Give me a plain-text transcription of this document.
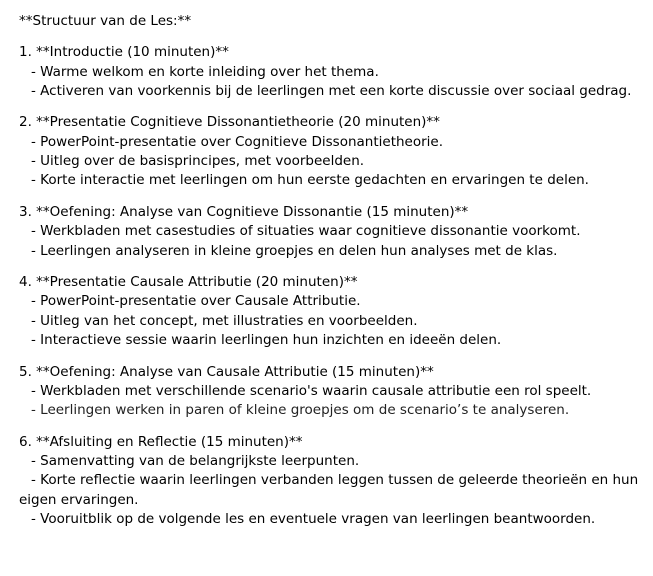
**Structuur van de Les:**
1. **Introductie (10 minuten)**
- Warme welkom en korte inleiding over het thema.
- Activeren van voorkennis bij de leerlingen met een korte discussie over sociaal gedrag.
2. **Presentatie Cognitieve Dissonantietheorie (20 minuten)**
- PowerPoint-presentatie over Cognitieve Dissonantietheorie.
- Uitleg over de basisprincipes, met voorbeelden.
- Korte interactie met leerlingen om hun eerste gedachten en ervaringen te delen.
3. **Oefening: Analyse van Cognitieve Dissonantie (15 minuten)**
- Werkbladen met casestudies of situaties waar cognitieve dissonantie voorkomt.
- Leerlingen analyseren in kleine groepjes en delen hun analyses met de klas.
4. **Presentatie Causale Attributie (20 minuten)**
- PowerPoint-presentatie over Causale Attributie.
- Uitleg van het concept, met illustraties en voorbeelden.
- Interactieve sessie waarin leerlingen hun inzichten en ideeën delen.
5. **Oefening: Analyse van Causale Attributie (15 minuten)**
- Werkbladen met verschillende scenario's waarin causale attributie een rol speelt.
- Leerlingen werken in paren of kleine groepjes om de scenario’s te analyseren.
6. **Afsluiting en Reflectie (15 minuten)**
- Samenvatting van de belangrijkste leerpunten.
- Korte reflectie waarin leerlingen verbanden leggen tussen de geleerde theorieën en hun
eigen ervaringen.
- Vooruitblik op de volgende les en eventuele vragen van leerlingen beantwoorden.
